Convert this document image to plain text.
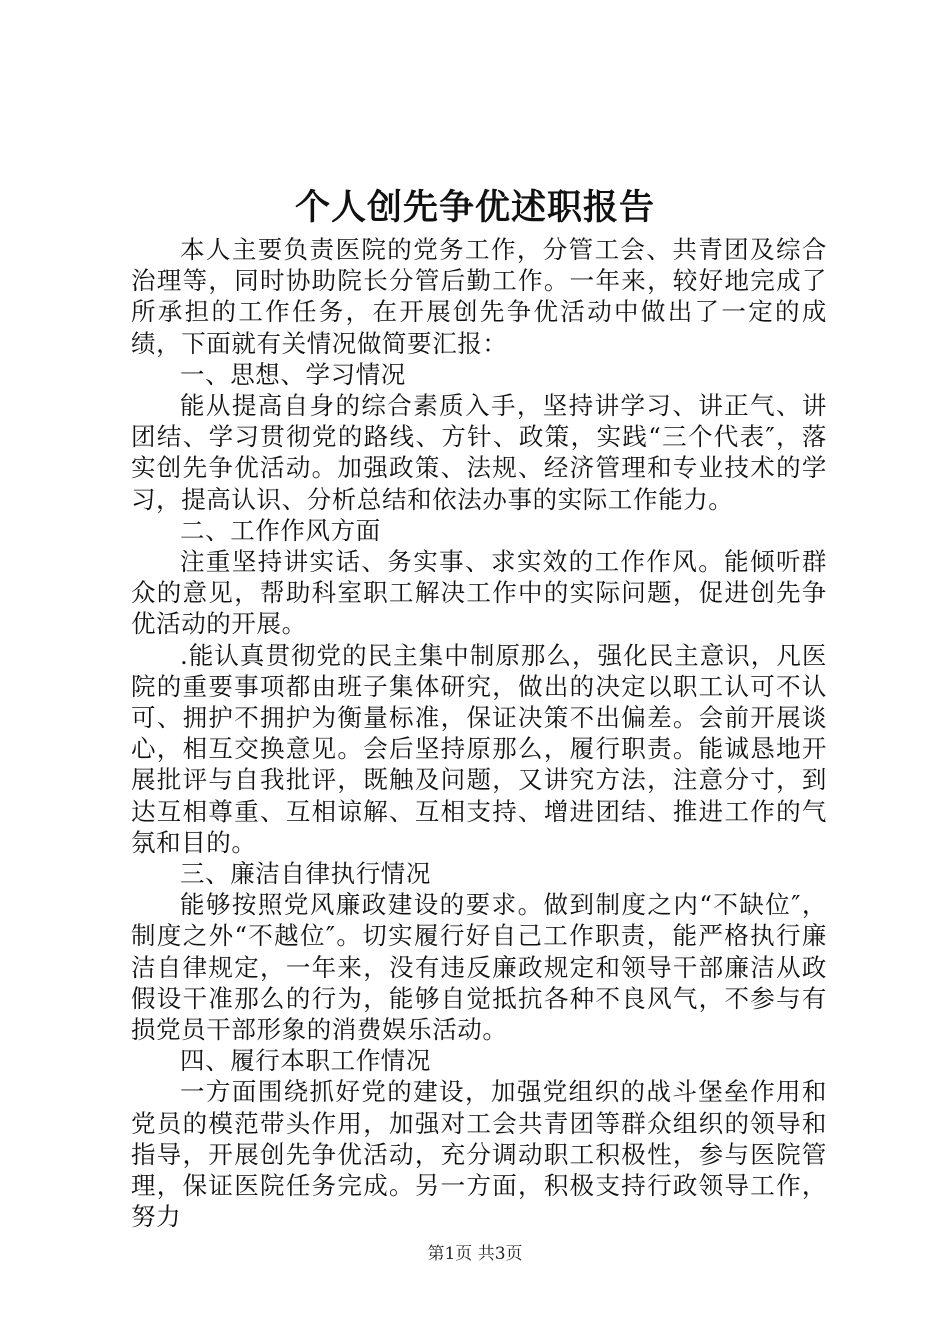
个人创先争优述职报告

本人主要负责医院的党务工作，分管工会、共青团及综合治理等，同时协助院长分管后勤工作。一年来，较好地完成了所承担的工作任务，在开展创先争优活动中做出了一定的成绩，下面就有关情况做简要汇报：

一、思想、学习情况

能从提高自身的综合素质入手，坚持讲学习、讲正气、讲团结、学习贯彻党的路线、方针、政策，实践“三个代表″，落实创先争优活动。加强政策、法规、经济管理和专业技术的学习，提高认识、分析总结和依法办事的实际工作能力。

二、工作作风方面

注重坚持讲实话、务实事、求实效的工作作风。能倾听群众的意见，帮助科室职工解决工作中的实际问题，促进创先争优活动的开展。

.能认真贯彻党的民主集中制原那么，强化民主意识，凡医院的重要事项都由班子集体研究，做出的决定以职工认可不认可、拥护不拥护为衡量标准，保证决策不出偏差。会前开展谈心，相互交换意见。会后坚持原那么，履行职责。能诚恳地开展批评与自我批评，既触及问题，又讲究方法，注意分寸，到达互相尊重、互相谅解、互相支持、增进团结、推进工作的气氛和目的。

三、廉洁自律执行情况

能够按照党风廉政建设的要求。做到制度之内“不缺位″，制度之外“不越位″。切实履行好自己工作职责，能严格执行廉洁自律规定，一年来，没有违反廉政规定和领导干部廉洁从政假设干准那么的行为，能够自觉抵抗各种不良风气，不参与有损党员干部形象的消费娱乐活动。

四、履行本职工作情况

一方面围绕抓好党的建设，加强党组织的战斗堡垒作用和党员的模范带头作用，加强对工会共青团等群众组织的领导和指导，开展创先争优活动，充分调动职工积极性，参与医院管理，保证医院任务完成。另一方面，积极支持行政领导工作，努力

第1页 共3页
